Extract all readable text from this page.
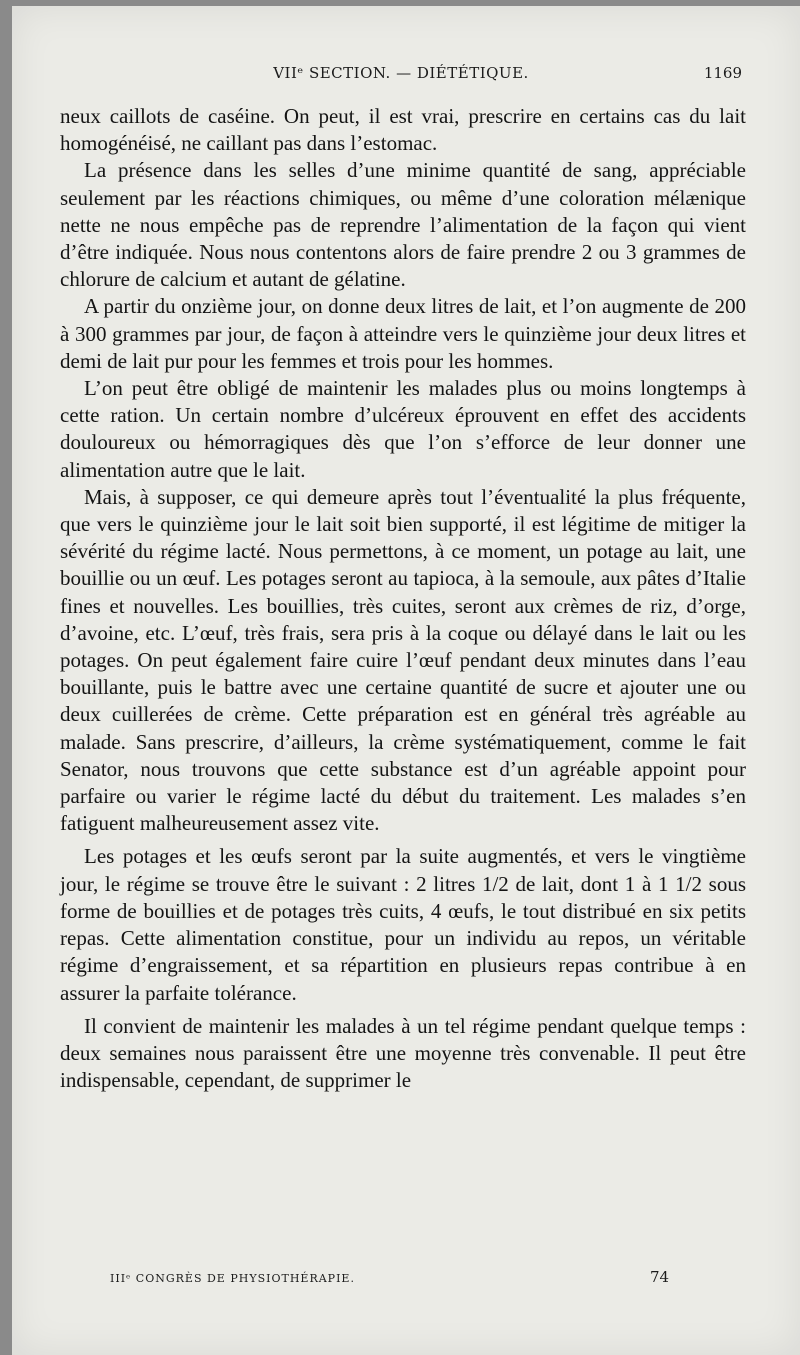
VIIᵉ SECTION. — DIÉTÉTIQUE.	1169

neux caillots de caséine. On peut, il est vrai, prescrire en certains cas du lait homogénéisé, ne caillant pas dans l’estomac.

La présence dans les selles d’une minime quantité de sang, appréciable seulement par les réactions chimiques, ou même d’une coloration mélænique nette ne nous empêche pas de reprendre l’alimentation de la façon qui vient d’être indiquée. Nous nous contentons alors de faire prendre 2 ou 3 grammes de chlorure de calcium et autant de gélatine.

A partir du onzième jour, on donne deux litres de lait, et l’on augmente de 200 à 300 grammes par jour, de façon à atteindre vers le quinzième jour deux litres et demi de lait pur pour les femmes et trois pour les hommes.

L’on peut être obligé de maintenir les malades plus ou moins longtemps à cette ration. Un certain nombre d’ulcéreux éprouvent en effet des accidents douloureux ou hémorragiques dès que l’on s’efforce de leur donner une alimentation autre que le lait.

Mais, à supposer, ce qui demeure après tout l’éventualité la plus fréquente, que vers le quinzième jour le lait soit bien supporté, il est légitime de mitiger la sévérité du régime lacté. Nous permettons, à ce moment, un potage au lait, une bouillie ou un œuf. Les potages seront au tapioca, à la semoule, aux pâtes d’Italie fines et nouvelles. Les bouillies, très cuites, seront aux crèmes de riz, d’orge, d’avoine, etc. L’œuf, très frais, sera pris à la coque ou délayé dans le lait ou les potages. On peut également faire cuire l’œuf pendant deux minutes dans l’eau bouillante, puis le battre avec une certaine quantité de sucre et ajouter une ou deux cuillerées de crème. Cette préparation est en général très agréable au malade. Sans prescrire, d’ailleurs, la crème systématiquement, comme le fait Senator, nous trouvons que cette substance est d’un agréable appoint pour parfaire ou varier le régime lacté du début du traitement. Les malades s’en fatiguent malheureusement assez vite.

Les potages et les œufs seront par la suite augmentés, et vers le vingtième jour, le régime se trouve être le suivant : 2 litres 1/2 de lait, dont 1 à 1 1/2 sous forme de bouillies et de potages très cuits, 4 œufs, le tout distribué en six petits repas. Cette alimentation constitue, pour un individu au repos, un véritable régime d’engraissement, et sa répartition en plusieurs repas contribue à en assurer la parfaite tolérance.

Il convient de maintenir les malades à un tel régime pendant quelque temps : deux semaines nous paraissent être une moyenne très convenable. Il peut être indispensable, cependant, de supprimer le

IIIᵉ CONGRÈS DE PHYSIOTHÉRAPIE.	74
